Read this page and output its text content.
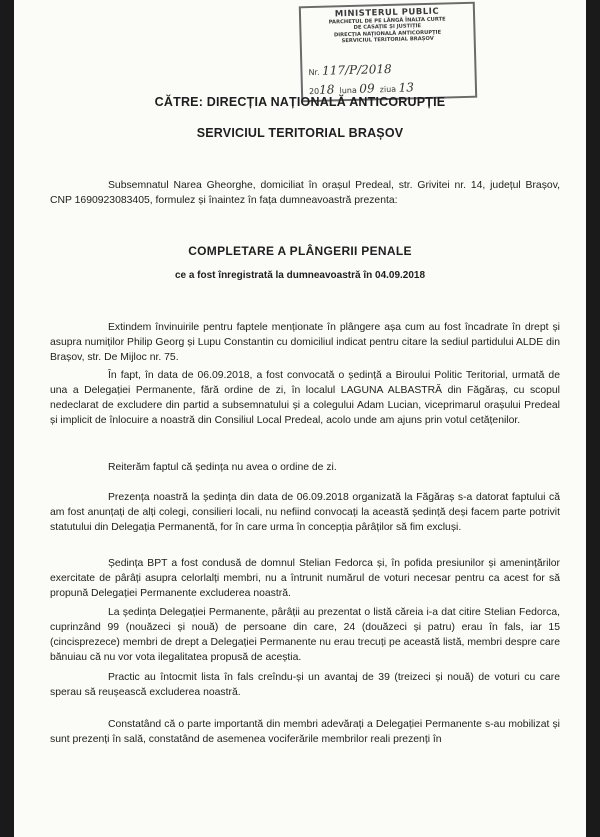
MINISTERUL PUBLIC
PARCHETUL DE PE LÂNGĂ ÎNALTA CURTE
DE CASAȚIE ȘI JUSTIȚIE
DIRECȚIA NAȚIONALĂ ANTICORUPȚIE
SERVICIUL TERITORIAL BRAȘOV
Nr. 117/P/2018
2018 luna 09 ziua 13
CĂTRE: DIRECȚIA NAȚIONALĂ ANTICORUPȚIE
SERVICIUL TERITORIAL BRAȘOV

Subsemnatul Narea Gheorghe, domiciliat în orașul Predeal, str. Grivitei nr. 14, județul Brașov, CNP 1690923083405, formulez și înaintez în fața dumneavoastră prezenta:

COMPLETARE A PLÂNGERII PENALE
ce a fost înregistrată la dumneavoastră în 04.09.2018

Extindem învinuirile pentru faptele menționate în plângere așa cum au fost încadrate în drept și asupra numiților Philip Georg și Lupu Constantin cu domiciliul indicat pentru citare la sediul partidului ALDE din Brașov, str. De Mijloc nr. 75.

În fapt, în data de 06.09.2018, a fost convocată o ședință a Biroului Politic Teritorial, urmată de una a Delegației Permanente, fără ordine de zi, în localul LAGUNA ALBASTRĂ din Făgăraș, cu scopul nedeclarat de excludere din partid a subsemnatului și a colegului Adam Lucian, viceprimarul orașului Predeal și implicit de înlocuire a noastră din Consiliul Local Predeal, acolo unde am ajuns prin votul cetățenilor.

Reiterăm faptul că ședința nu avea o ordine de zi.

Prezența noastră la ședința din data de 06.09.2018 organizată la Făgăraș s-a datorat faptului că am fost anunțați de alți colegi, consilieri locali, nu nefiind convocați la această ședință deși facem parte potrivit statutului din Delegația Permanentă, for în care urma în concepția pârâților să fim excluși.

Ședința BPT a fost condusă de domnul Stelian Fedorca și, în pofida presiunilor și amenințărilor exercitate de pârâți asupra celorlalți membri, nu a întrunit numărul de voturi necesar pentru ca acest for să propună Delegației Permanente excluderea noastră.

La ședința Delegației Permanente, pârâții au prezentat o listă căreia i-a dat citire Stelian Fedorca, cuprinzând 99 (nouăzeci și nouă) de persoane din care, 24 (douăzeci și patru) erau în fals, iar 15 (cincisprezece) membri de drept a Delegației Permanente nu erau trecuți pe această listă, membri despre care bănuiau că nu vor vota ilegalitatea propusă de aceștia.

Practic au întocmit lista în fals creîndu-și un avantaj de 39 (treizeci și nouă) de voturi cu care sperau să reușească excluderea noastră.

Constatând că o parte importantă din membri adevărați a Delegației Permanente s-au mobilizat și sunt prezenți în sală, constatând de asemenea vociferările membrilor reali prezenți în
